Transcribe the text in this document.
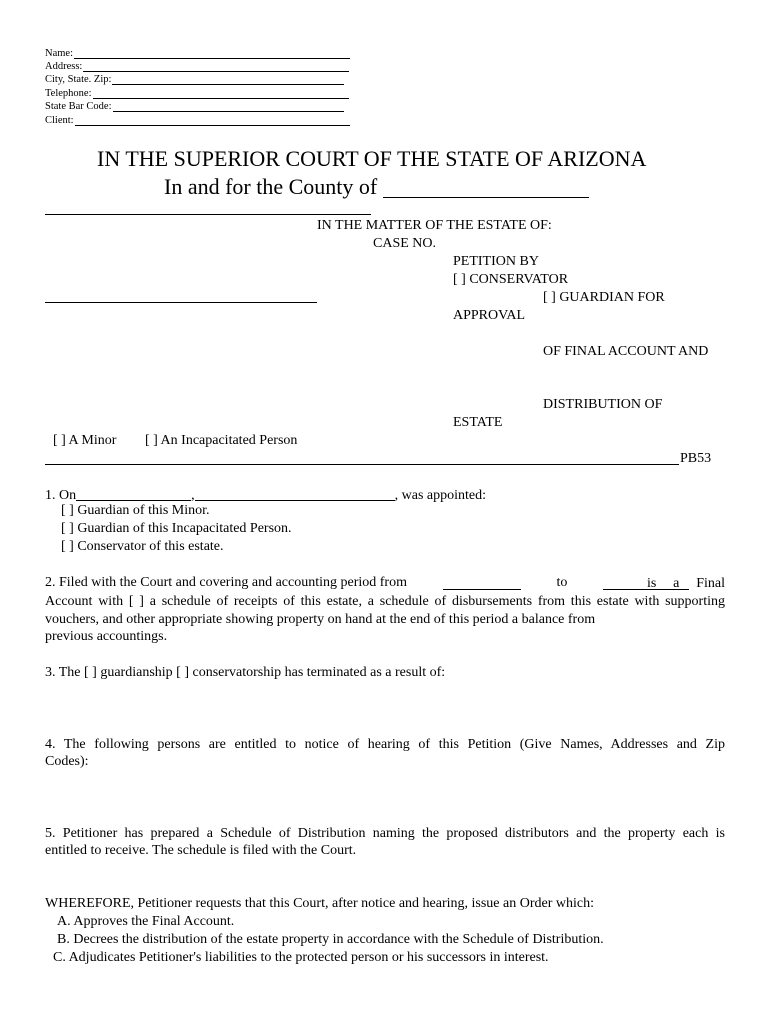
Name:
Address:
City, State. Zip:
Telephone:
State Bar Code:
Client:
IN THE SUPERIOR COURT OF THE STATE OF ARIZONA
In and for the County of
IN THE MATTER OF THE ESTATE OF:
CASE NO.
PETITION BY
[ ] CONSERVATOR
[ ] GUARDIAN FOR
APPROVAL
OF FINAL ACCOUNT AND
DISTRIBUTION OF
ESTATE
[ ] A Minor [ ] An Incapacitated Person
PB53
1. On	,	, was appointed:
[ ] Guardian of this Minor.
[ ] Guardian of this Incapacitated Person.
[ ] Conservator of this estate.
2. Filed with the Court and covering and accounting period from	to	is a Final Account with [ ] a schedule of receipts of this estate, a schedule of disbursements from this estate with supporting vouchers, and other appropriate showing property on hand at the end of this period a balance from
previous accountings.
3. The [ ] guardianship [ ] conservatorship has terminated as a result of:
4. The following persons are entitled to notice of hearing of this Petition (Give Names, Addresses and Zip
Codes):
5. Petitioner has prepared a Schedule of Distribution naming the proposed distributors and the property each is
entitled to receive. The schedule is filed with the Court.
WHEREFORE, Petitioner requests that this Court, after notice and hearing, issue an Order which:
A. Approves the Final Account.
B. Decrees the distribution of the estate property in accordance with the Schedule of Distribution.
C. Adjudicates Petitioner's liabilities to the protected person or his successors in interest.
